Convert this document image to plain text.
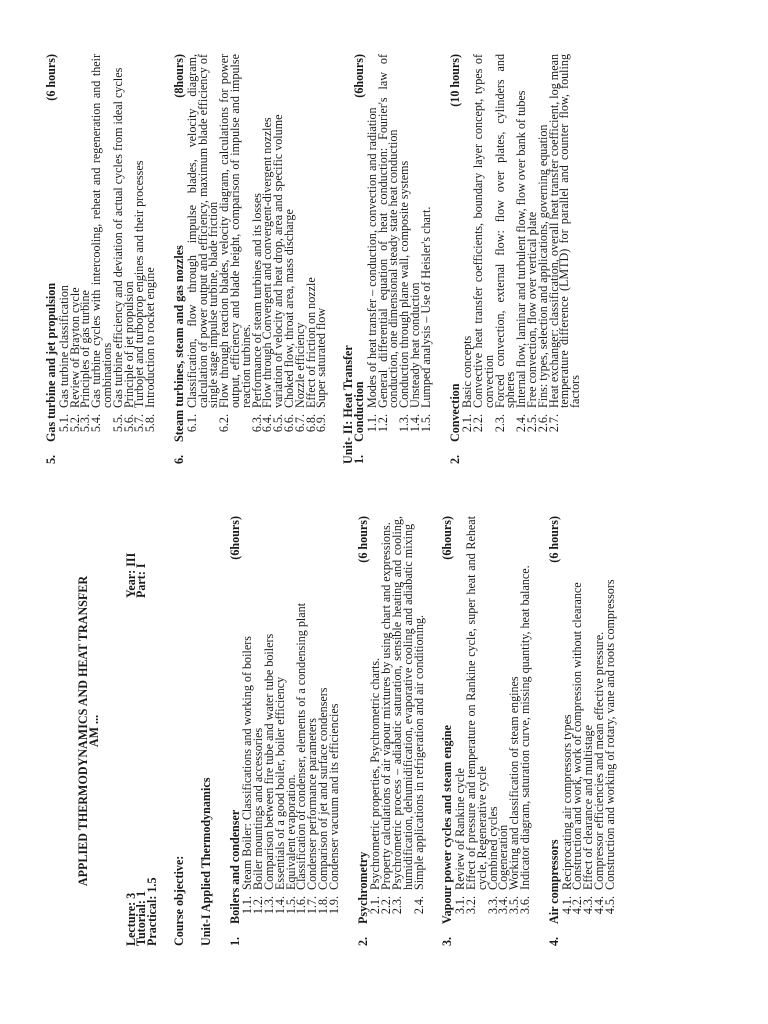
APPLIED THERMODYNAMICS AND HEAT TRANSFER
AM ...
Lecture: 3
Tutorial: 1
Practical: 1.5
Year: III
Part: I
Course objective: Unit-I Applied Thermodynamics 1.
Boilers and condenser
(6hours)
1.1.
Steam Boiler: Classifications and working of boilers
1.2.
Boiler mountings and accessories
1.3.
Comparison between fire tube and water tube boilers
1.4.
Essentials of a good boiler, boiler efficiency
1.5.
Equivalent evaporation.
1.6.
Classification of condenser, elements of a condensing plant
1.7.
Condenser performance parameters
1.8.
Comparison of jet and surface condensers
1.9.
Condenser vacuum and its efficiencies
2.
Psychrometry
(6 hours)
2.1.
Psychrometric properties, Psychrometric charts.
2.2.
Property calculations of air vapour mixtures by using chart and expressions.
2.3.
Psychrometric process – adiabatic saturation, sensible heating and cooling, humidification, dehumidification, evaporative cooling and adiabatic mixing
2.4.
Simple applications in refrigeration and air conditioning.
3.
Vapour power cycles and steam engine
(6hours)
3.1.
Review of Rankine cycle
3.2.
Effect of pressure and temperature on Rankine cycle, super heat and Reheat cycle, Regenerative cycle
3.3.
Combined cycles
3.4.
Cogeneration
3.5.
Working and classification of steam engines
3.6.
Indicator diagram, saturation curve, missing quantity, heat balance.
4.
Air compressors
(6 hours)
4.1.
Reciprocating air compressors types
4.2.
Construction and work, work of compression without clearance
4.3.
Effect of clearance and multistage
4.4.
Compressor efficiencies and mean effective pressure.
4.5.
Construction and working of rotary, vane and roots compressors
5.
Gas turbine and jet propulsion
(6 hours)
5.1.
Gas turbine classification
5.2.
Review of Brayton cycle
5.3.
Principles of gas turbine
5.4.
Gas turbine cycles with intercooling, reheat and regeneration and their combinations
5.5.
Gas turbine efficiency and deviation of actual cycles from ideal cycles
5.6.
Principle of jet propulsion
5.7.
Turbojet and turboprop engines and their processes
5.8.
Introduction to rocket engine
6.
Steam turbines, steam and gas nozzles
(8hours)
6.1.
Classification, flow through impulse blades, velocity diagram, calculation of power output and efficiency, maximum blade efficiency of single stage impulse turbine, blade friction
6.2.
Flow through reaction blades, velocity diagram, calculations for power output, efficiency and blade height, comparison of impulse and impulse reaction turbines.
6.3.
Performance of steam turbines and its losses
6.4.
Flow through Convergent and convergent-divergent nozzles
6.5.
variation of velocity and heat drop, area and specific volume
6.6.
Choked flow, throat area, mass discharge
6.7.
Nozzle efficiency
6.8.
Effect of friction on nozzle
6.9.
Super saturated flow Unit- II: Heat Transfer
1.
Conduction
(6hours)
1.1.
Modes of heat transfer – conduction, convection and radiation
1.2.
General differential equation of heat conduction: Fourier's law of conduction, one dimensional steady state heat conduction
1.3.
Conduction through plane wall, composite systems
1.4.
Unsteady heat conduction
1.5.
Lumped analysis – Use of Heisler's chart.
2.
Convection
(10 hours)
2.1.
Basic concepts
2.2.
Convective heat transfer coefficients, boundary layer concept, types of convection
2.3.
Forced convection, external flow: flow over plates, cylinders and spheres
2.4.
Internal flow, laminar and turbulent flow, flow over bank of tubes
2.5.
Free convection, flow over vertical plate
2.6.
Fins: types, selection and applications, governing equation
2.7.
Heat exchanger: classification, overall heat transfer coefficient, log mean temperature difference (LMTD) for parallel and counter flow, fouling factors
